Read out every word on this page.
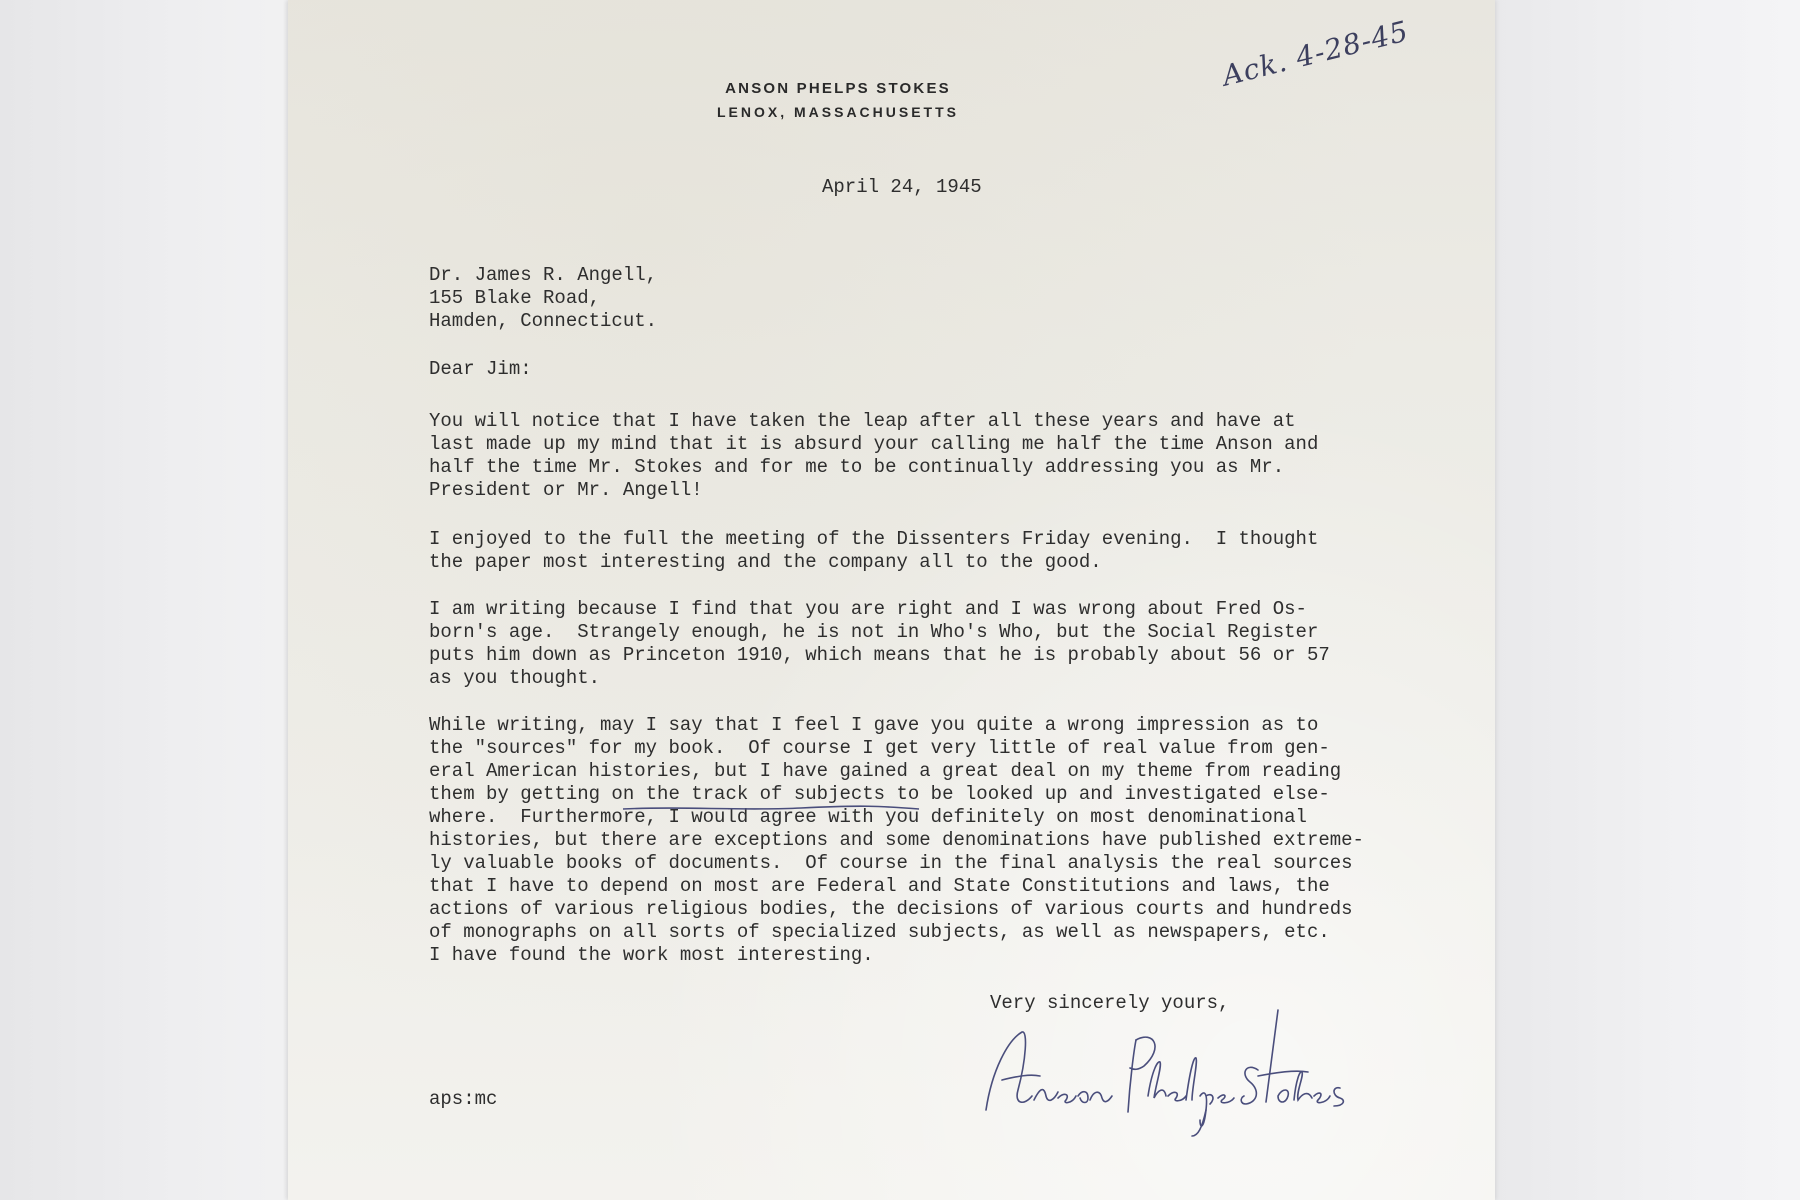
ANSON PHELPS STOKES
LENOX, MASSACHUSETTS
Ack. 4-28-45
April 24, 1945
Dr. James R. Angell,
155 Blake Road,
Hamden, Connecticut.
Dear Jim:
You will notice that I have taken the leap after all these years and have at
last made up my mind that it is absurd your calling me half the time Anson and
half the time Mr. Stokes and for me to be continually addressing you as Mr.
President or Mr. Angell!
I enjoyed to the full the meeting of the Dissenters Friday evening.  I thought
the paper most interesting and the company all to the good.
I am writing because I find that you are right and I was wrong about Fred Os-
born's age.  Strangely enough, he is not in Who's Who, but the Social Register
puts him down as Princeton 1910, which means that he is probably about 56 or 57
as you thought.
While writing, may I say that I feel I gave you quite a wrong impression as to
the "sources" for my book.  Of course I get very little of real value from gen-
eral American histories, but I have gained a great deal on my theme from reading
them by getting on the track of subjects to be looked up and investigated else-
where.  Furthermore, I would agree with you definitely on most denominational
histories, but there are exceptions and some denominations have published extreme-
ly valuable books of documents.  Of course in the final analysis the real sources
that I have to depend on most are Federal and State Constitutions and laws, the
actions of various religious bodies, the decisions of various courts and hundreds
of monographs on all sorts of specialized subjects, as well as newspapers, etc.
I have found the work most interesting.
Very sincerely yours,
aps:mc
